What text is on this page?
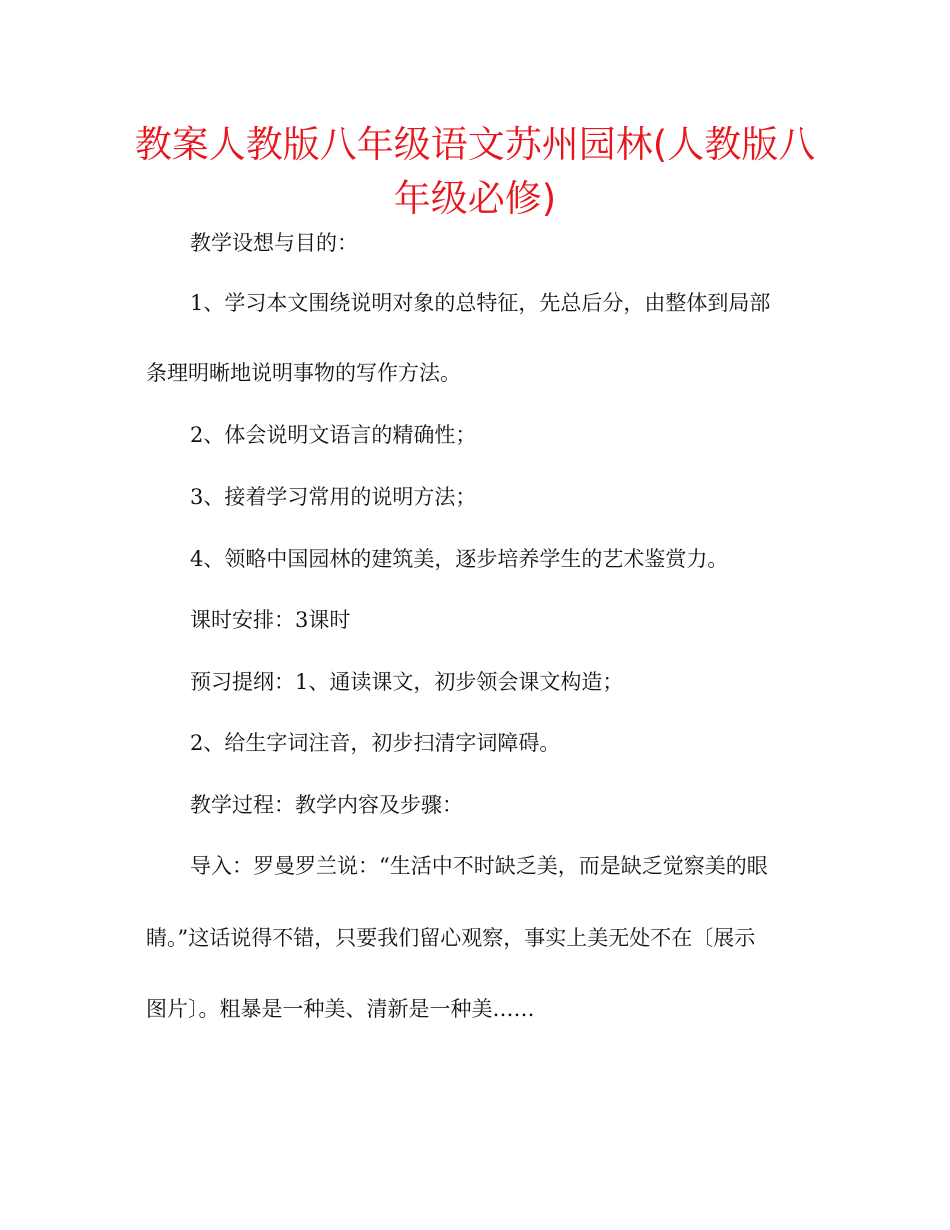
教案人教版八年级语文苏州园林(人教版八年级必修)

教学设想与目的：

1、学习本文围绕说明对象的总特征，先总后分，由整体到局部

条理明晰地说明事物的写作方法。

2、体会说明文语言的精确性；

3、接着学习常用的说明方法；

4、领略中国园林的建筑美，逐步培养学生的艺术鉴赏力。

课时安排：3课时

预习提纲：1、通读课文，初步领会课文构造；

2、给生字词注音，初步扫清字词障碍。

教学过程：教学内容及步骤：

导入：罗曼罗兰说：“生活中不时缺乏美，而是缺乏觉察美的眼

睛。”这话说得不错，只要我们留心观察，事实上美无处不在〔展示

图片〕。粗暴是一种美、清新是一种美……
